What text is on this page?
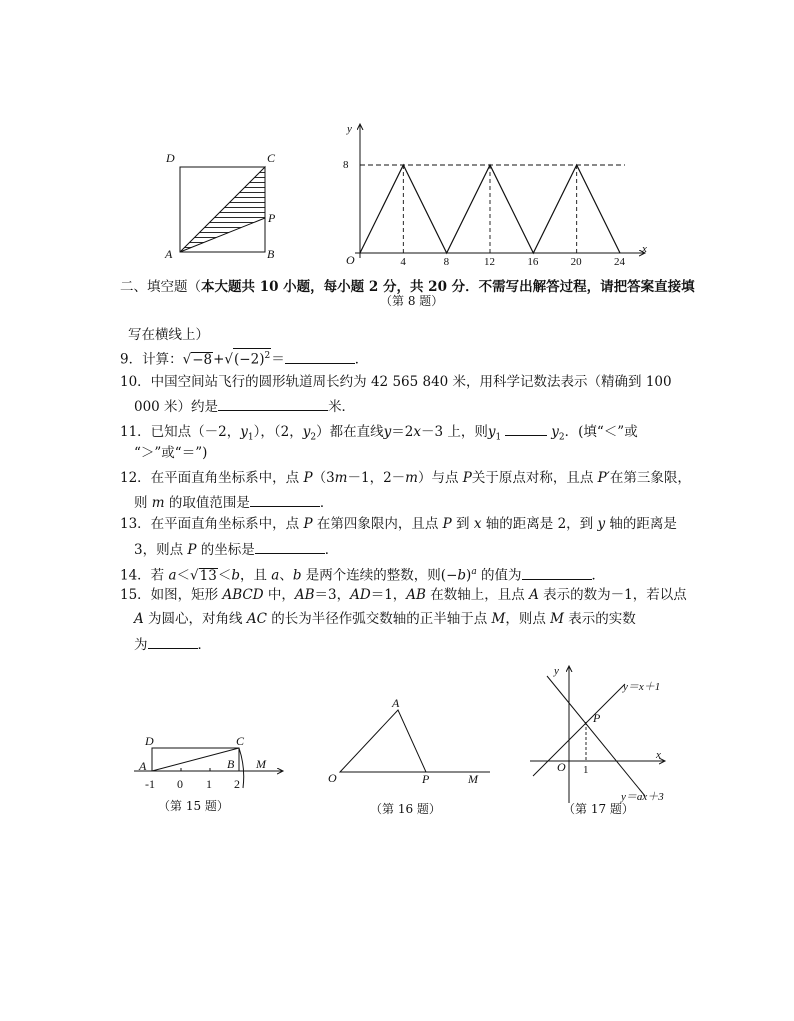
D	C
A	B
P
y
x
O
8
4	8	12	16	20	24
（第 8 题）
二、填空题（本大题共 10 小题，每小题 2 分，共 20 分．不需写出解答过程，请把答案直接填
写在横线上）
9．计算：$√-8+√(-2)^2=$	．
10．中国空间站飞行的圆形轨道周长约为 42 565 840 米，用科学记数法表示（精确到 100
000 米）约是	米．
11．已知点（－2，$y_1$），（2，$y_2$）都在直线y＝2x－3 上，则$y_1$	$y_2$．(填“＜”或
“＞”或“＝”)
12．在平面直角坐标系中，点 P（3m－1，2－m）与点 P关于原点对称，且点 P′在第三象限，
则 m 的取值范围是	．
13．在平面直角坐标系中，点 P 在第四象限内，且点 P 到 x 轴的距离是 2，到 y 轴的距离是
3，则点 P 的坐标是	．
14．若 a＜√13＜b，且 a、b 是两个连续的整数，则$(-b)^a$ 的值为	．
15．如图，矩形 ABCD 中，AB＝3，AD＝1，AB 在数轴上，且点 A 表示的数为－1，若以点
A 为圆心，对角线 AC 的长为半径作弧交数轴的正半轴于点 M，则点 M 表示的实数
为	．
D	C
A	B M
-1 0 1 2
（第 15 题）
A
O	P	M
（第 16 题）
y
x
O
P
1
y＝x＋1
y＝ax＋3
（第 17 题）
